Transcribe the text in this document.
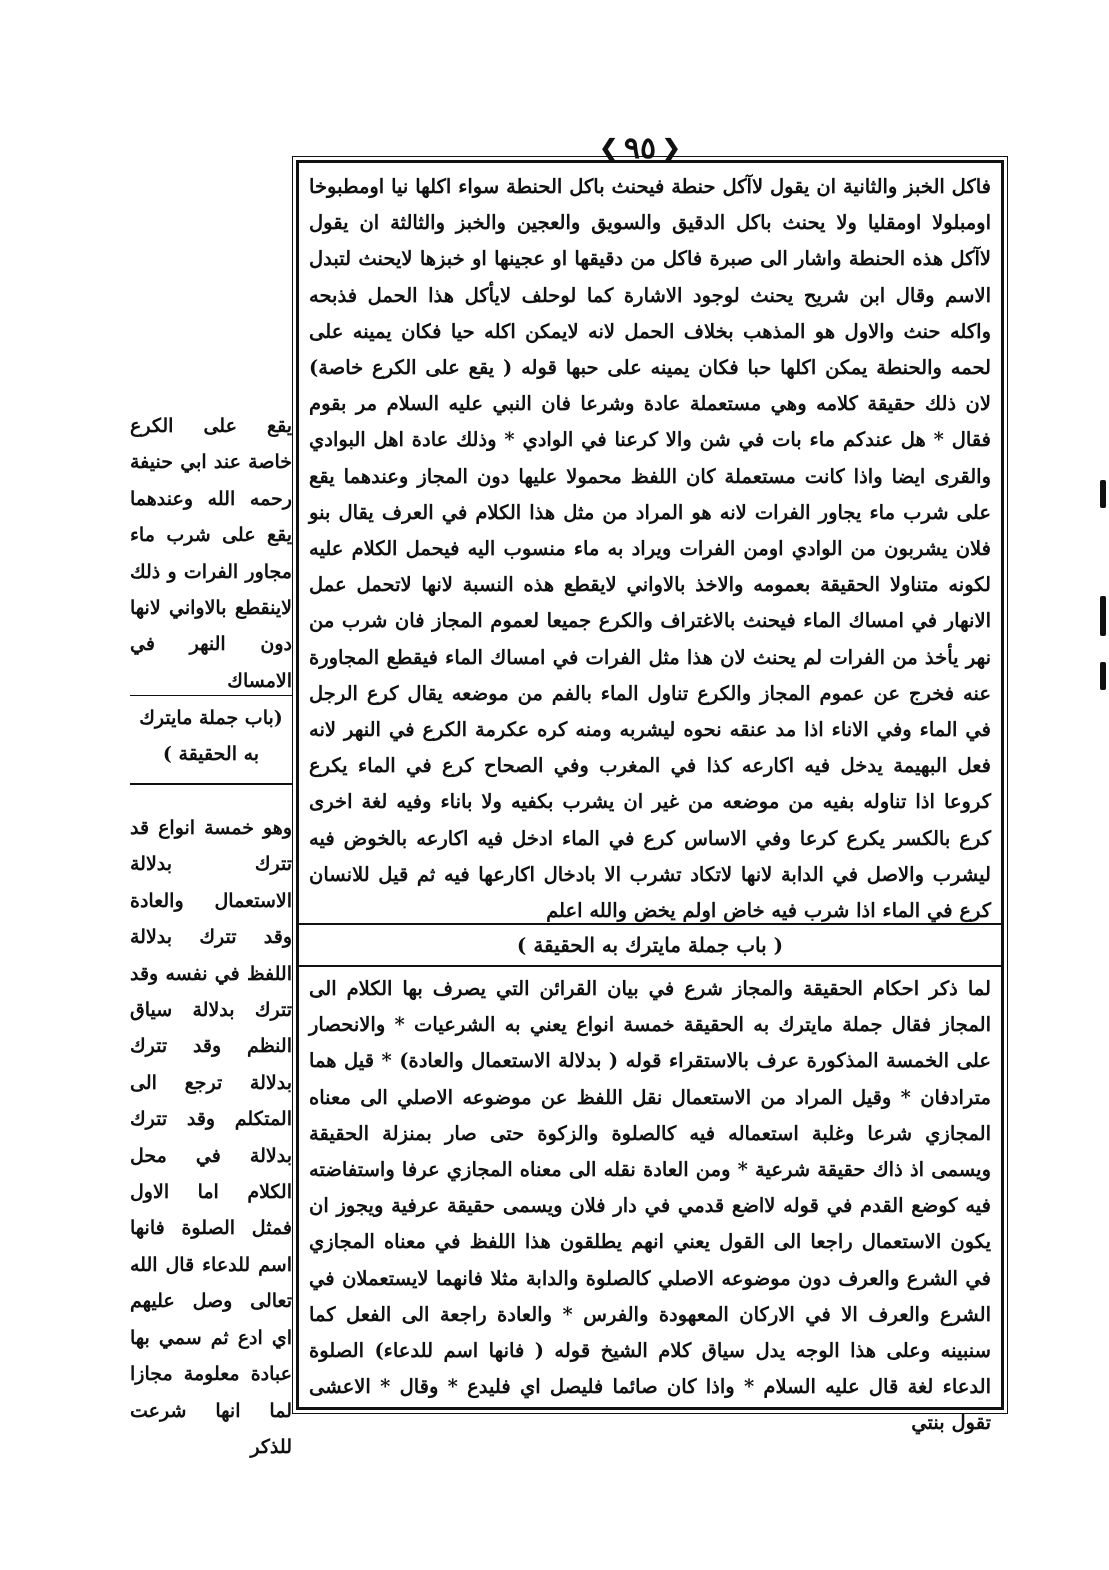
❮
٩٥
❯

فاكل الخبز والثانية ان يقول لاآكل حنطة فيحنث باكل الحنطة سواء اكلها نيا اومطبوخا اومبلولا اومقليا ولا يحنث باكل الدقيق والسويق والعجين والخبز والثالثة ان يقول لاآكل هذه الحنطة واشار الى صبرة فاكل من دقيقها او عجينها او خبزها لايحنث لتبدل الاسم وقال ابن شريح يحنث لوجود الاشارة كما لوحلف لايأكل هذا الحمل فذبحه واكله حنث والاول هو المذهب بخلاف الحمل لانه لايمكن اكله حيا فكان يمينه على لحمه والحنطة يمكن اكلها حبا فكان يمينه على حبها قوله ( يقع على الكرع خاصة) لان ذلك حقيقة كلامه وهي مستعملة عادة وشرعا فان النبي عليه السلام مر بقوم فقال * هل عندكم ماء بات في شن والا كرعنا في الوادي * وذلك عادة اهل البوادي والقرى ايضا واذا كانت مستعملة كان اللفظ محمولا عليها دون المجاز وعندهما يقع على شرب ماء يجاور الفرات لانه هو المراد من مثل هذا الكلام في العرف يقال بنو فلان يشربون من الوادي اومن الفرات ويراد به ماء منسوب اليه فيحمل الكلام عليه لكونه متناولا الحقيقة بعمومه والاخذ بالاواني لايقطع هذه النسبة لانها لاتحمل عمل الانهار في امساك الماء فيحنث بالاغتراف والكرع جميعا لعموم المجاز فان شرب من نهر يأخذ من الفرات لم يحنث لان هذا مثل الفرات في امساك الماء فيقطع المجاورة عنه فخرج عن عموم المجاز والكرع تناول الماء بالفم من موضعه يقال كرع الرجل في الماء وفي الاناء اذا مد عنقه نحوه ليشربه ومنه كره عكرمة الكرع في النهر لانه فعل البهيمة يدخل فيه اكارعه كذا في المغرب وفي الصحاح كرع في الماء يكرع كروعا اذا تناوله بفيه من موضعه من غير ان يشرب بكفيه ولا باناء وفيه لغة اخرى كرع بالكسر يكرع كرعا وفي الاساس كرع في الماء ادخل فيه اكارعه بالخوض فيه ليشرب والاصل في الدابة لانها لاتكاد تشرب الا بادخال اكارعها فيه ثم قيل للانسان كرع في الماء اذا شرب فيه خاض اولم يخض والله اعلم

( باب جملة مايترك به الحقيقة )

لما ذكر احكام الحقيقة والمجاز شرع في بيان القرائن التي يصرف بها الكلام الى المجاز فقال جملة مايترك به الحقيقة خمسة انواع يعني به الشرعيات * والانحصار على الخمسة المذكورة عرف بالاستقراء قوله ( بدلالة الاستعمال والعادة) * قيل هما مترادفان * وقيل المراد من الاستعمال نقل اللفظ عن موضوعه الاصلي الى معناه المجازي شرعا وغلبة استعماله فيه كالصلوة والزكوة حتى صار بمنزلة الحقيقة ويسمى اذ ذاك حقيقة شرعية * ومن العادة نقله الى معناه المجازي عرفا واستفاضته فيه كوضع القدم في قوله لااضع قدمي في دار فلان ويسمى حقيقة عرفية ويجوز ان يكون الاستعمال راجعا الى القول يعني انهم يطلقون هذا اللفظ في معناه المجازي في الشرع والعرف دون موضوعه الاصلي كالصلوة والدابة مثلا فانهما لايستعملان في الشرع والعرف الا في الاركان المعهودة والفرس * والعادة راجعة الى الفعل كما سنبينه وعلى هذا الوجه يدل سياق كلام الشيخ قوله ( فانها اسم للدعاء) الصلوة الدعاء لغة قال عليه السلام * واذا كان صائما فليصل اي فليدع * وقال * الاعشى تقول بنتي

يقع على الكرع خاصة عند ابي حنيفة رحمه الله وعندهما يقع على شرب ماء مجاور الفرات و ذلك لاينقطع بالاواني لانها دون النهر في الامساك

(باب جملة مايترك به الحقيقة )

وهو خمسة انواع قد تترك بدلالة الاستعمال والعادة وقد تترك بدلالة اللفظ في نفسه وقد تترك بدلالة سياق النظم وقد تترك بدلالة ترجع الى المتكلم وقد تترك بدلالة في محل الكلام اما الاول فمثل الصلوة فانها اسم للدعاء قال الله تعالى وصل عليهم اي ادع ثم سمي بها عبادة معلومة مجازا لما انها شرعت للذكر
